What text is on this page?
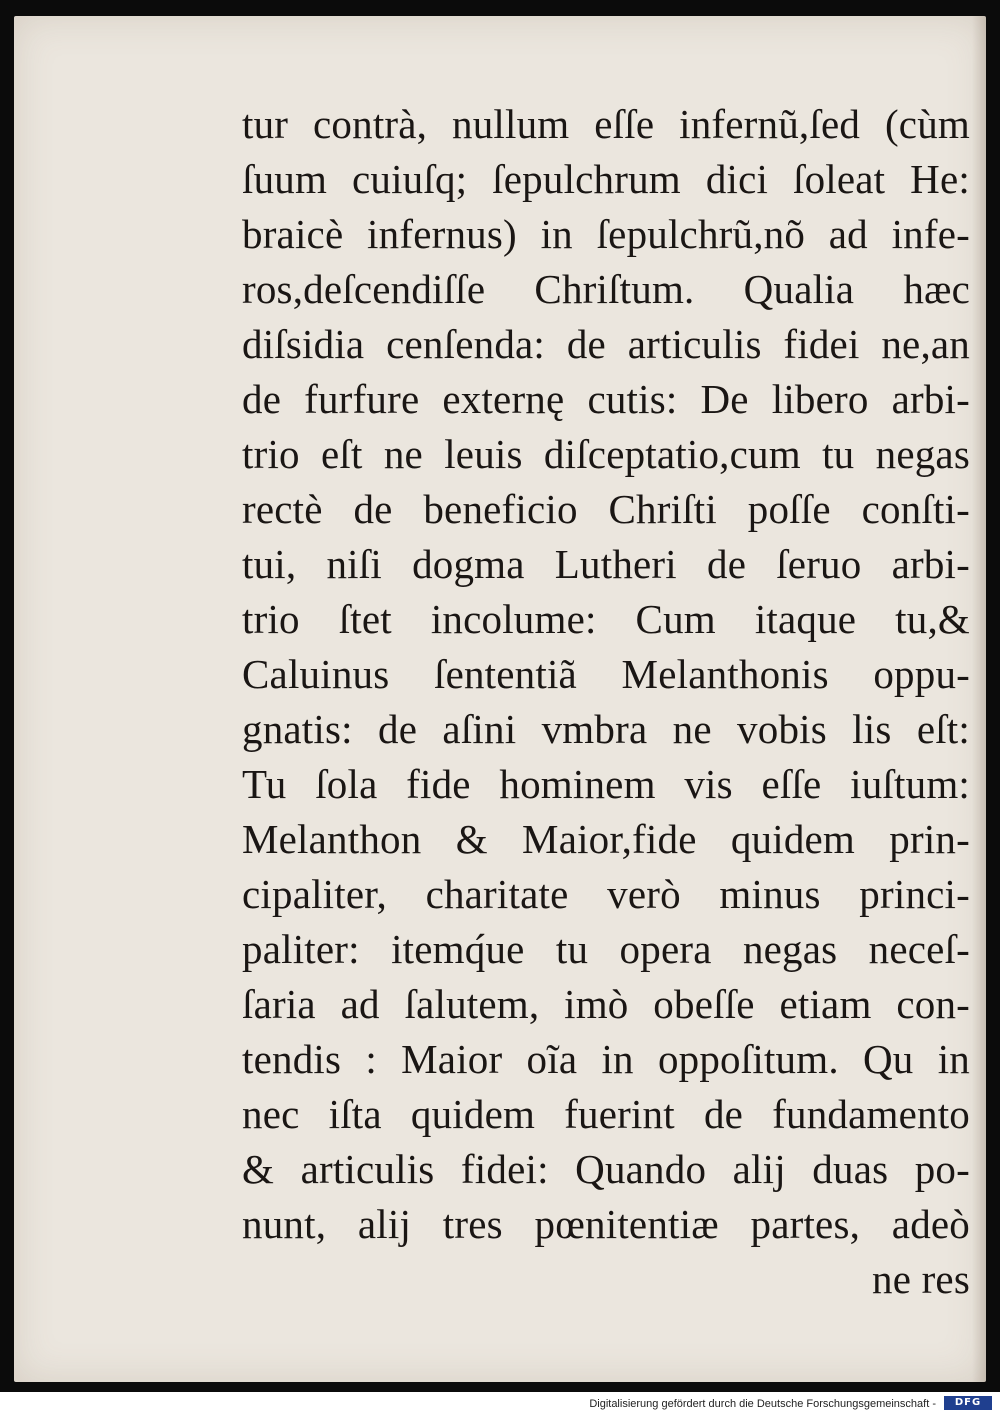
tur contrà, nullum eſſe infernũ,ſed (cùm
ſuum cuiuſq; ſepulchrum dici ſoleat He:
braicè infernus) in ſepulchrũ,nõ ad infe-
ros,deſcendiſſe Chriſtum. Qualia hæc
diſsidia cenſenda: de articulis fidei ne,an
de furfure externę cutis: De libero arbi-
trio eſt ne leuis diſceptatio,cum tu negas
rectè de beneficio Chriſti poſſe conſti-
tui, niſi dogma Lutheri de ſeruo arbi-
trio ſtet incolume: Cum itaque tu,&
Caluinus ſententiã Melanthonis oppu-
gnatis: de aſini vmbra ne vobis lis eſt:
Tu ſola fide hominem vis eſſe iuſtum:
Melanthon & Maior,fide quidem prin-
cipaliter, charitate verò minus princi-
paliter: itemq́ue tu opera negas neceſ-
ſaria ad ſalutem, imò obeſſe etiam con-
tendis : Maior oĩa in oppoſitum. Qu in
nec iſta quidem fuerint de fundamento
& articulis fidei: Quando alij duas po-
nunt, alij tres pœnitentiæ partes, adeò
ne res
Digitalisierung gefördert durch die Deutsche Forschungsgemeinschaft -	DFG
